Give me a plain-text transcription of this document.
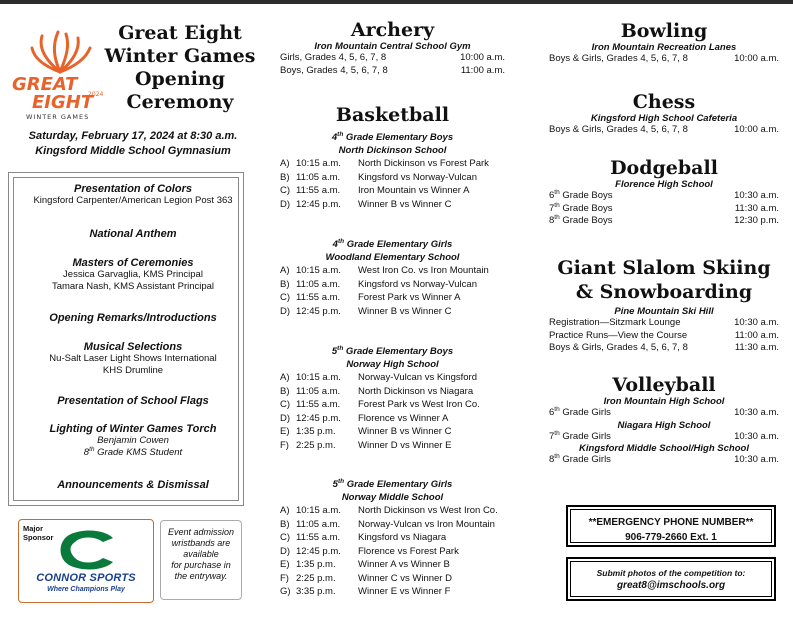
GREAT
EIGHT
2024
WINTER GAMES
Great Eight
Winter Games
Opening
Ceremony
Saturday, February 17, 2024 at 8:30 a.m.
Kingsford Middle School Gymnasium
Presentation of Colors

Kingsford Carpenter/American Legion Post 363

National Anthem
Masters of Ceremonies

Jessica Garvaglia, KMS Principal

Tamara Nash, KMS Assistant Principal

Opening Remarks/Introductions
Musical Selections

Nu-Salt Laser Light Shows International

KHS Drumline

Presentation of School Flags
Lighting of Winter Games Torch

Benjamin Cowen

8th Grade KMS Student

Announcements & Dismissal
Major
Sponsor
CONNOR SPORTS
Where Champions Play
Event admission
wristbands are
available
for purchase in
the entryway.
Archery
Iron Mountain Central School Gym
Girls, Grades 4, 5, 6, 7, 8	10:00 a.m.
Boys, Grades 4, 5, 6, 7, 8	11:00 a.m.
Basketball
4th Grade Elementary Boys
North Dickinson School
A) 10:15 a.m.	North Dickinson vs Forest Park
B) 11:05 a.m.	Kingsford vs Norway-Vulcan
C) 11:55 a.m.	Iron Mountain vs Winner A
D) 12:45 p.m.	Winner B vs Winner C
4th Grade Elementary Girls
Woodland Elementary School
A) 10:15 a.m.	West Iron Co. vs Iron Mountain
B) 11:05 a.m.	Kingsford vs Norway-Vulcan
C) 11:55 a.m.	Forest Park vs Winner A
D) 12:45 p.m.	Winner B vs Winner C
5th Grade Elementary Boys
Norway High School
A) 10:15 a.m.	Norway-Vulcan vs Kingsford
B) 11:05 a.m.	North Dickinson vs Niagara
C) 11:55 a.m.	Forest Park vs West Iron Co.
D) 12:45 p.m.	Florence vs Winner A
E) 1:35 p.m.	Winner B vs Winner C
F) 2:25 p.m.	Winner D vs Winner E
5th Grade Elementary Girls
Norway Middle School
A) 10:15 a.m.	North Dickinson vs West Iron Co.
B) 11:05 a.m.	Norway-Vulcan vs Iron Mountain
C) 11:55 a.m.	Kingsford vs Niagara
D) 12:45 p.m.	Florence vs Forest Park
E) 1:35 p.m.	Winner A vs Winner B
F) 2:25 p.m.	Winner C vs Winner D
G) 3:35 p.m.	Winner E vs Winner F
Bowling
Iron Mountain Recreation Lanes
Boys & Girls, Grades 4, 5, 6, 7, 8	10:00 a.m.
Chess
Kingsford High School Cafeteria
Boys & Girls, Grades 4, 5, 6, 7, 8	10:00 a.m.
Dodgeball
Florence High School
6th Grade Boys	10:30 a.m.
7th Grade Boys	11:30 a.m.
8th Grade Boys	12:30 p.m.
Giant Slalom Skiing
& Snowboarding
Pine Mountain Ski Hill
Registration—Sitzmark Lounge	10:30 a.m.
Practice Runs—View the Course	11:00 a.m.
Boys & Girls, Grades 4, 5, 6, 7, 8	11:30 a.m.
Volleyball
Iron Mountain High School
6th Grade Girls	10:30 a.m.
Niagara High School
7th Grade Girls	10:30 a.m.
Kingsford Middle School/High School
8th Grade Girls	10:30 a.m.
**EMERGENCY PHONE NUMBER**
906-779-2660 Ext. 1
Submit photos of the competition to:
great8@imschools.org
